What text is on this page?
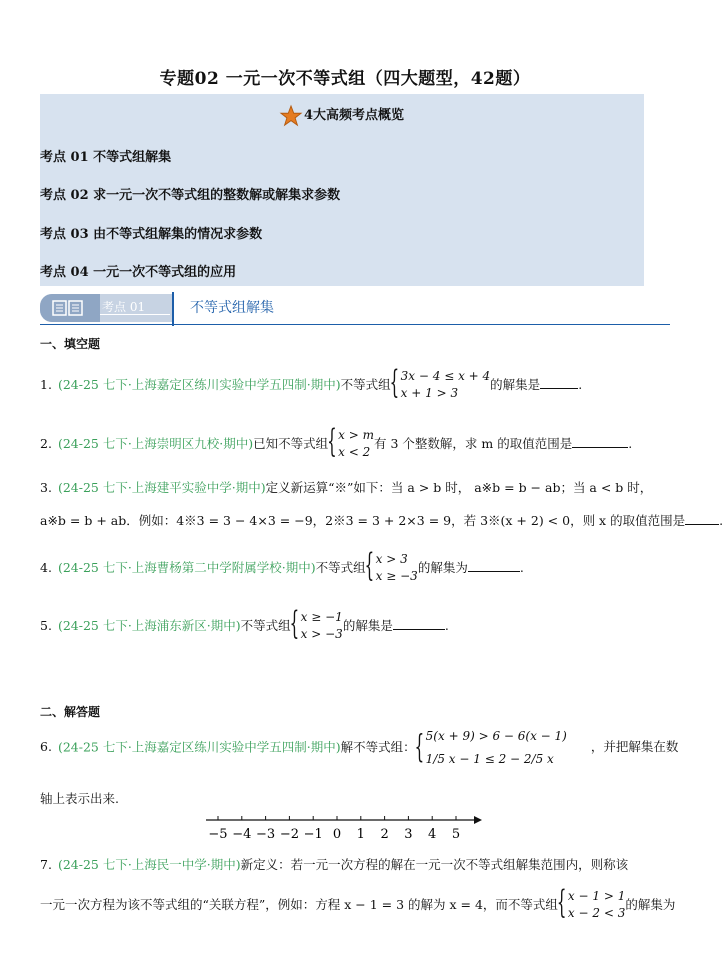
专题02 一元一次不等式组（四大题型，42题）
4大高频考点概览
考点 01 不等式组解集
考点 02 求一元一次不等式组的整数解或解集求参数
考点 03 由不等式组解集的情况求参数
考点 04 一元一次不等式组的应用
考点 01	不等式组解集
一、填空题
1. (24-25 七下·上海嘉定区练川实验中学五四制·期中)不等式组
{ 3x − 4 ≤ x + 4
x + 1 > 3
的解集是	.
2. (24-25 七下·上海崇明区九校·期中)已知不等式组
{ x > m
x < 2
有 3 个整数解，求 m 的取值范围是	.
3. (24-25 七下·上海建平实验中学·期中)定义新运算“※”如下：当 a > b 时， a※b = b − ab；当 a < b 时，
a※b = b + ab．例如：4※3 = 3 − 4×3 = −9，2※3 = 3 + 2×3 = 9，若 3※(x + 2) < 0，则 x 的取值范围是	.
4. (24-25 七下·上海曹杨第二中学附属学校·期中)不等式组
{ x > 3
x ≥ −3
的解集为	.
5. (24-25 七下·上海浦东新区·期中)不等式组
{ x ≥ −1
x > −3
的解集是	.
二、解答题
6. (24-25 七下·上海嘉定区练川实验中学五四制·期中)解不等式组：
{ 5(x + 9) > 6 − 6(x − 1)
1/5 x − 1 ≤ 2 − 2/5 x
，并把解集在数
轴上表示出来.
−5 −4 −3 −2 −1 0 1 2 3 4 5
7. (24-25 七下·上海民一中学·期中)新定义：若一元一次方程的解在一元一次不等式组解集范围内，则称该
一元一次方程为该不等式组的“关联方程”，例如：方程 x − 1 = 3 的解为 x = 4，而不等式组
{ x − 1 > 1
x − 2 < 3
的解集为
